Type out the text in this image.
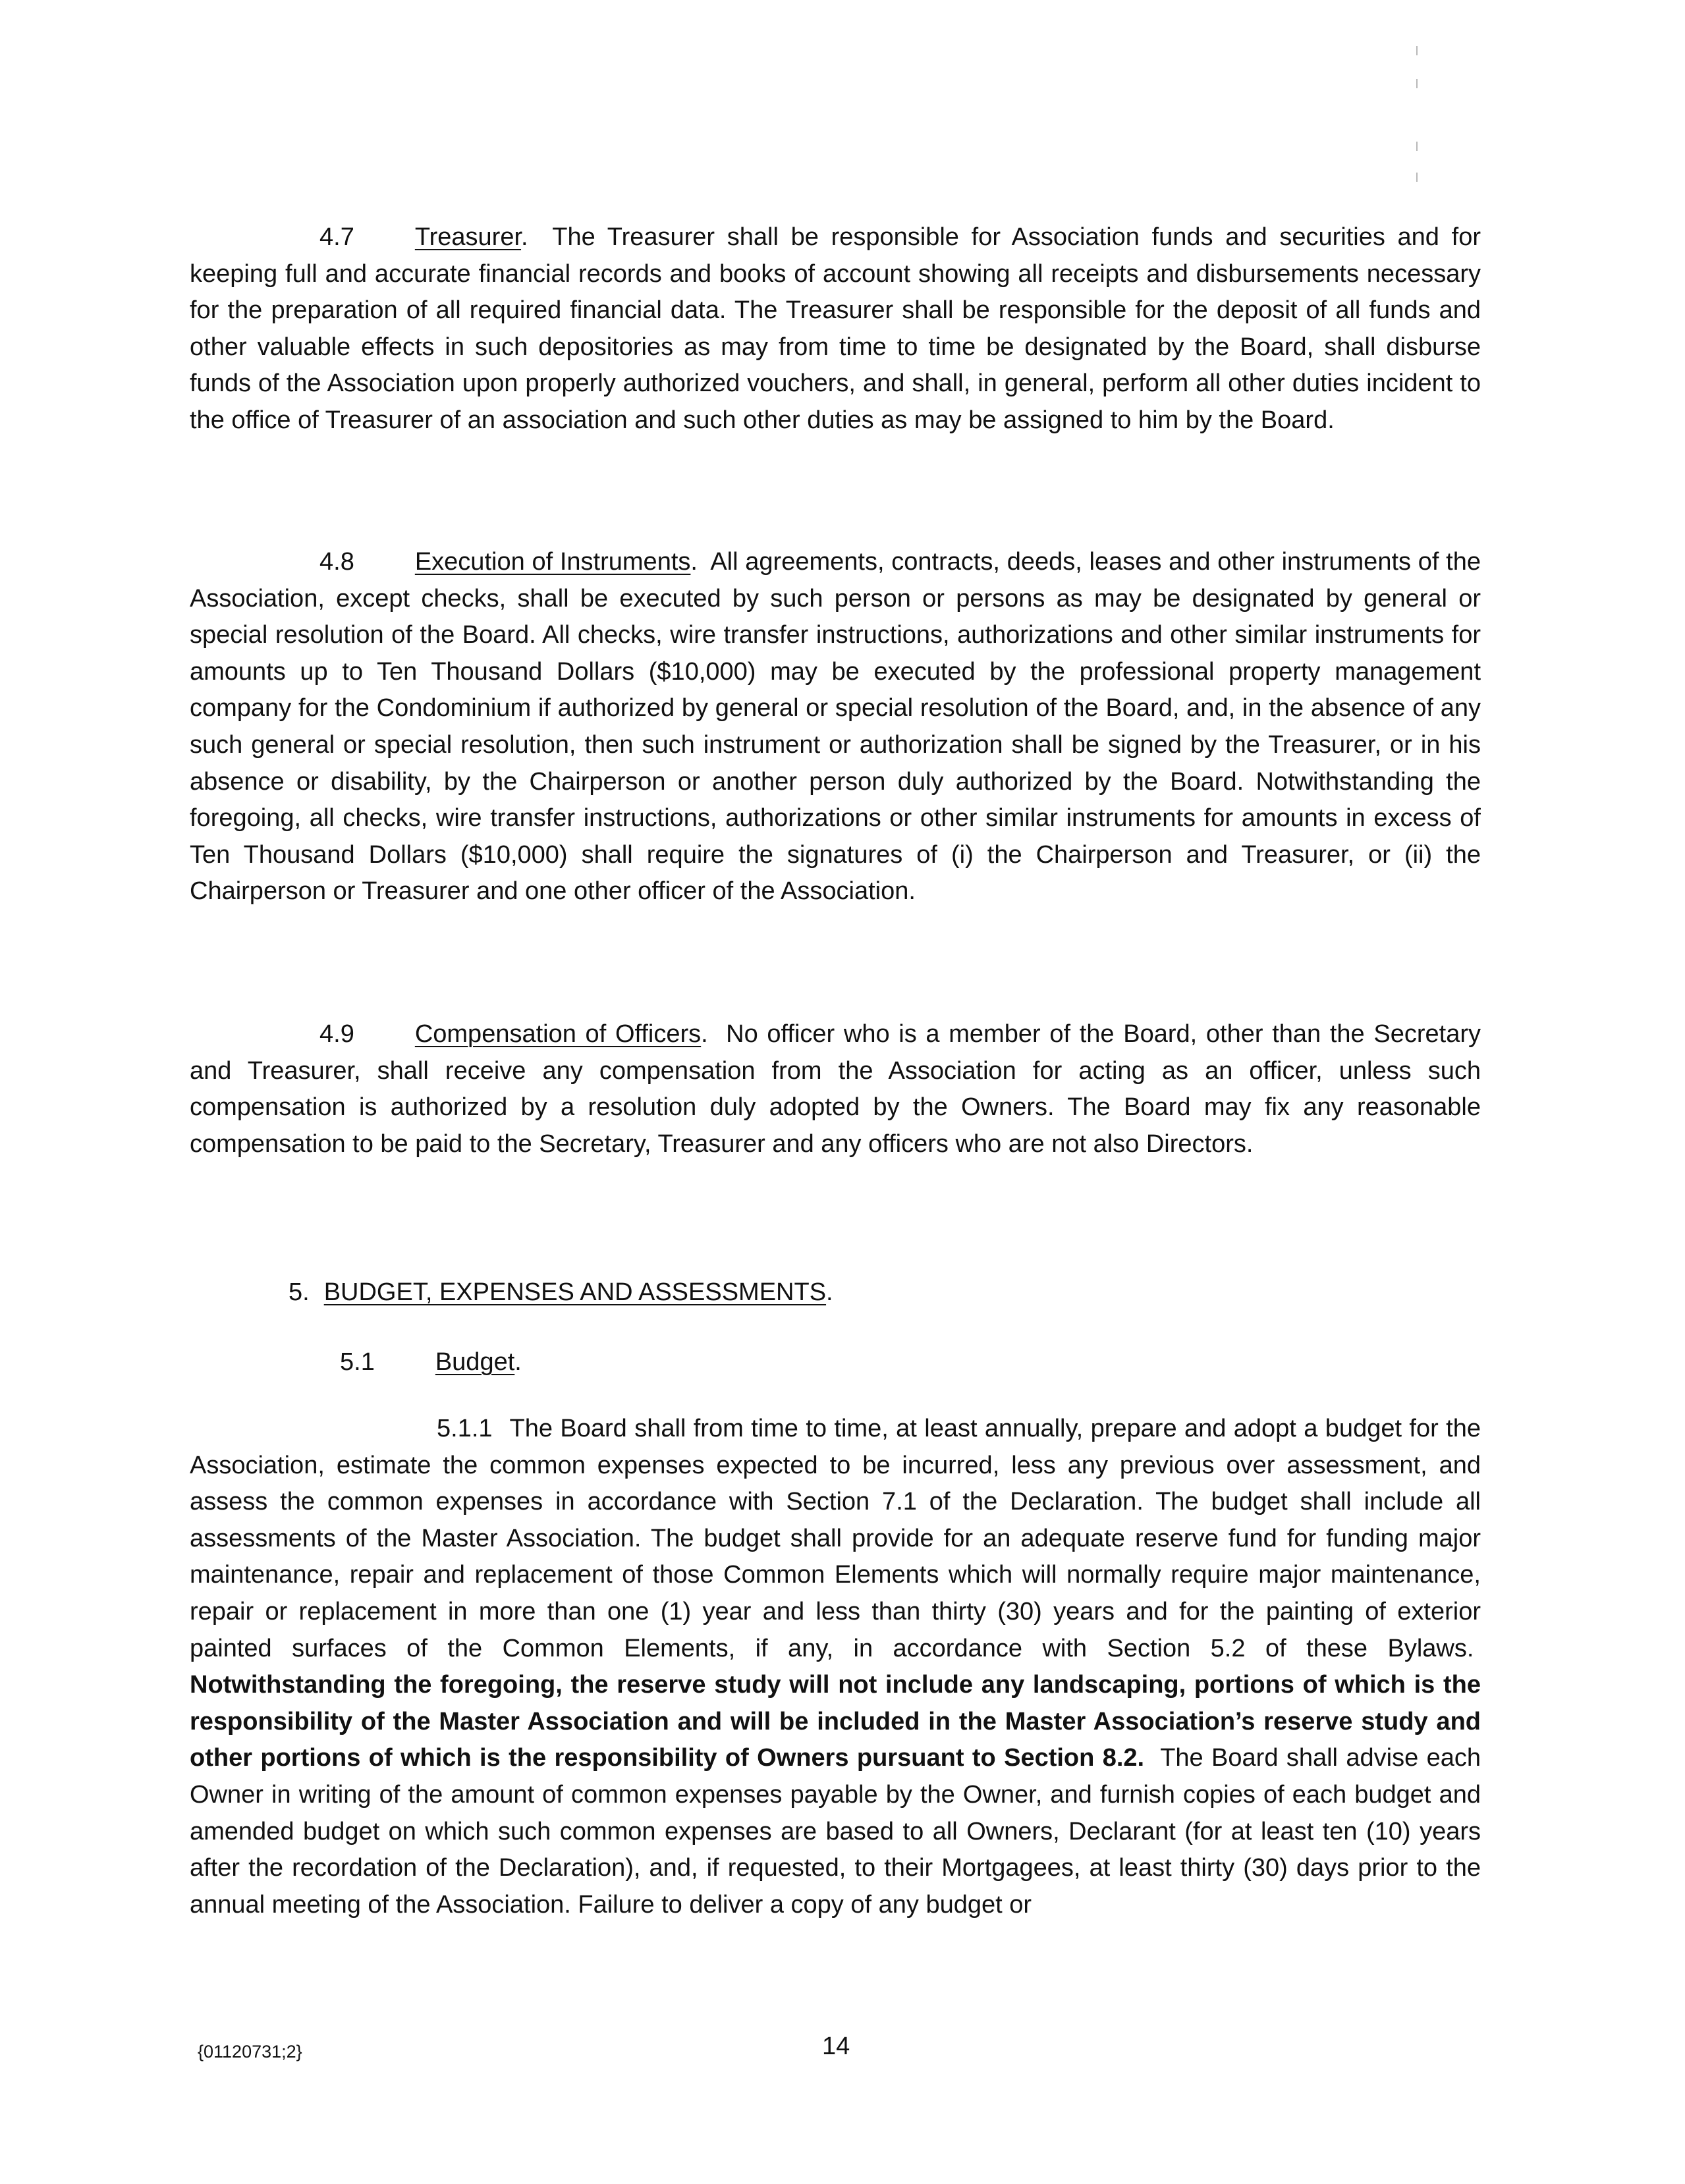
4.7 Treasurer.  The Treasurer shall be responsible for Association funds and securities and for keeping full and accurate financial records and books of account showing all receipts and disbursements necessary for the preparation of all required financial data. The Treasurer shall be responsible for the deposit of all funds and other valuable effects in such depositories as may from time to time be designated by the Board, shall disburse funds of the Association upon properly authorized vouchers, and shall, in general, perform all other duties incident to the office of Treasurer of an association and such other duties as may be assigned to him by the Board.

4.8 Execution of Instruments.  All agreements, contracts, deeds, leases and other instruments of the Association, except checks, shall be executed by such person or persons as may be designated by general or special resolution of the Board. All checks, wire transfer instructions, authorizations and other similar instruments for amounts up to Ten Thousand Dollars ($10,000) may be executed by the professional property management company for the Condominium if authorized by general or special resolution of the Board, and, in the absence of any such general or special resolution, then such instrument or authorization shall be signed by the Treasurer, or in his absence or disability, by the Chairperson or another person duly authorized by the Board. Notwithstanding the foregoing, all checks, wire transfer instructions, authorizations or other similar instruments for amounts in excess of Ten Thousand Dollars ($10,000) shall require the signatures of (i) the Chairperson and Treasurer, or (ii) the Chairperson or Treasurer and one other officer of the Association.

4.9 Compensation of Officers.  No officer who is a member of the Board, other than the Secretary and Treasurer, shall receive any compensation from the Association for acting as an officer, unless such compensation is authorized by a resolution duly adopted by the Owners. The Board may fix any reasonable compensation to be paid to the Secretary, Treasurer and any officers who are not also Directors.

5. BUDGET, EXPENSES AND ASSESSMENTS.

5.1 Budget.

5.1.1 The Board shall from time to time, at least annually, prepare and adopt a budget for the Association, estimate the common expenses expected to be incurred, less any previous over assessment, and assess the common expenses in accordance with Section 7.1 of the Declaration. The budget shall include all assessments of the Master Association. The budget shall provide for an adequate reserve fund for funding major maintenance, repair and replacement of those Common Elements which will normally require major maintenance, repair or replacement in more than one (1) year and less than thirty (30) years and for the painting of exterior painted surfaces of the Common Elements, if any, in accordance with Section 5.2 of these Bylaws.  Notwithstanding the foregoing, the reserve study will not include any landscaping, portions of which is the responsibility of the Master Association and will be included in the Master Association’s reserve study and other portions of which is the responsibility of Owners pursuant to Section 8.2. The Board shall advise each Owner in writing of the amount of common expenses payable by the Owner, and furnish copies of each budget and amended budget on which such common expenses are based to all Owners, Declarant (for at least ten (10) years after the recordation of the Declaration), and, if requested, to their Mortgagees, at least thirty (30) days prior to the annual meeting of the Association. Failure to deliver a copy of any budget or

{01120731;2}	14
